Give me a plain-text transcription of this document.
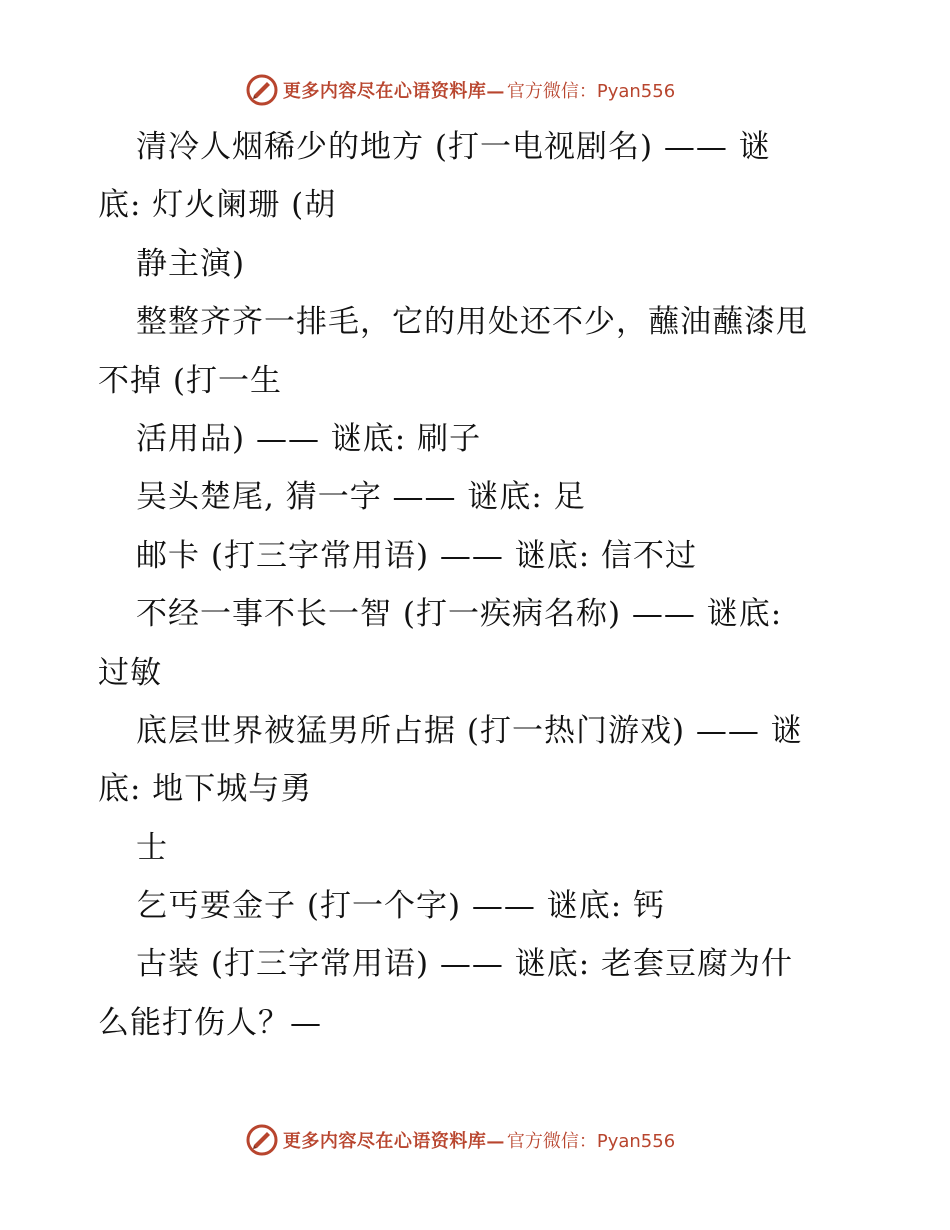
更多内容尽在心语资料库— 官方微信：Pyan556
清冷人烟稀少的地方 (打一电视剧名) —— 谜
底: 灯火阑珊 (胡
静主演)
整整齐齐一排毛，它的用处还不少，蘸油蘸漆甩
不掉 (打一生
活用品) —— 谜底: 刷子
吴头楚尾, 猜一字 —— 谜底: 足
邮卡 (打三字常用语) —— 谜底: 信不过
不经一事不长一智 (打一疾病名称) —— 谜底:
过敏
底层世界被猛男所占据 (打一热门游戏) —— 谜
底: 地下城与勇
士
乞丐要金子 (打一个字) —— 谜底: 钙
古装 (打三字常用语) —— 谜底: 老套豆腐为什
么能打伤人？—
更多内容尽在心语资料库— 官方微信：Pyan556
